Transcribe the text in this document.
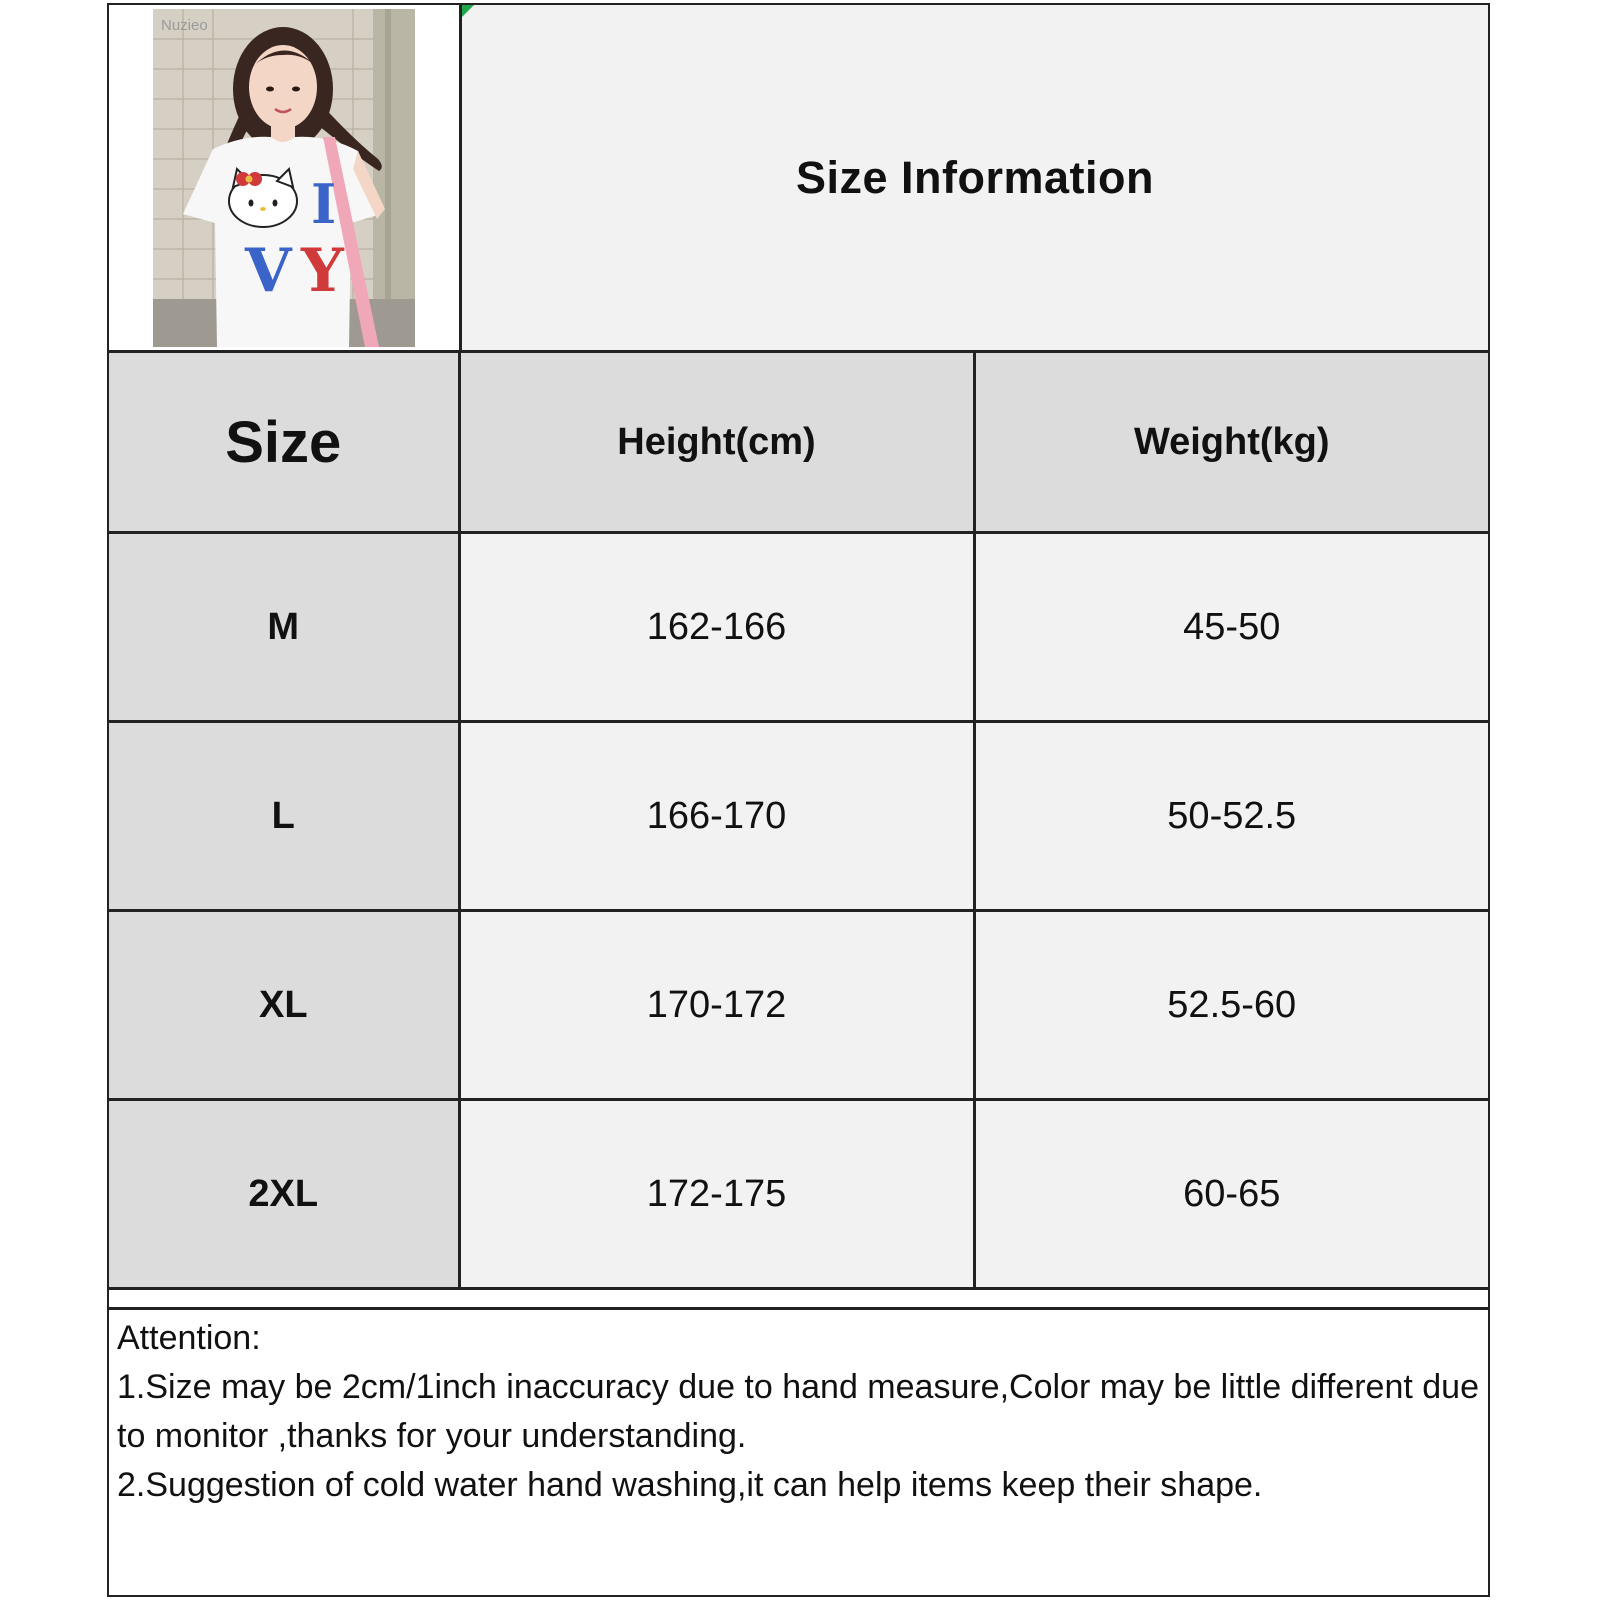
I
V Y
Nuzieo
Size Information
Size	Height(cm)	Weight(kg)
M	162-166	45-50
L	166-170	50-52.5
XL	170-172	52.5-60
2XL	172-175	60-65

Attention:

1.Size may be 2cm/1inch inaccuracy due to hand measure,Color may be little different due to monitor ,thanks for your understanding.

2.Suggestion of cold water hand washing,it can help items keep their shape.
